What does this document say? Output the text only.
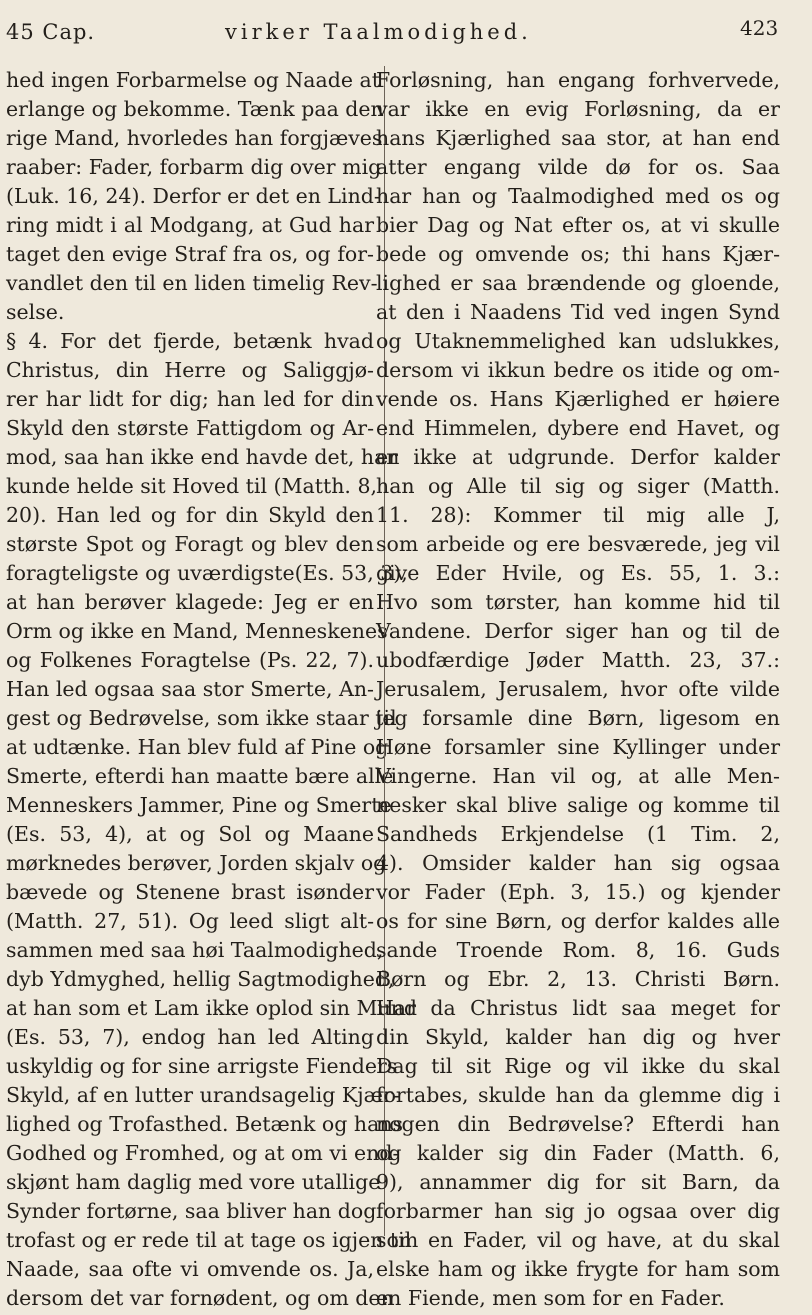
45 Cap.	virker Taalmodighed.	423
hed ingen Forbarmelse og Naade at
erlange og bekomme. Tænk paa den
rige Mand, hvorledes han forgjæves
raaber: Fader, forbarm dig over mig
(Luk. 16, 24). Derfor er det en Lind-
ring midt i al Modgang, at Gud har
taget den evige Straf fra os, og for-
vandlet den til en liden timelig Rev-
selse.
§ 4. For det fjerde, betænk hvad
Christus, din Herre og Saliggjø-
rer har lidt for dig; han led for din
Skyld den største Fattigdom og Ar-
mod, saa han ikke end havde det, han
kunde helde sit Hoved til (Matth. 8,
20). Han led og for din Skyld den
største Spot og Foragt og blev den
foragteligste og uværdigste(Es. 53, 3),
at han berøver klagede: Jeg er en
Orm og ikke en Mand, Menneskenes
og Folkenes Foragtelse (Ps. 22, 7).
Han led ogsaa saa stor Smerte, An-
gest og Bedrøvelse, som ikke staar til
at udtænke. Han blev fuld af Pine og
Smerte, efterdi han maatte bære alle
Menneskers Jammer, Pine og Smerte
(Es. 53, 4), at og Sol og Maane
mørknedes berøver, Jorden skjalv og
bævede og Stenene brast isønder
(Matth. 27, 51). Og leed sligt alt-
sammen med saa høi Taalmodighed,
dyb Ydmyghed, hellig Sagtmodighed,
at han som et Lam ikke oplod sin Mund
(Es. 53, 7), endog han led Alting
uskyldig og for sine arrigste Fienders
Skyld, af en lutter urandsagelig Kjær-
lighed og Trofasthed. Betænk og hans
Godhed og Fromhed, og at om vi end-
skjønt ham daglig med vore utallige
Synder fortørne, saa bliver han dog
trofast og er rede til at tage os igjen til
Naade, saa ofte vi omvende os. Ja,
dersom det var fornødent, og om den
Forløsning, han engang forhvervede,
var ikke en evig Forløsning, da er
hans Kjærlighed saa stor, at han end
atter engang vilde dø for os. Saa
har han og Taalmodighed med os og
bier Dag og Nat efter os, at vi skulle
bede og omvende os; thi hans Kjær-
lighed er saa brændende og gloende,
at den i Naadens Tid ved ingen Synd
og Utaknemmelighed kan udslukkes,
dersom vi ikkun bedre os itide og om-
vende os. Hans Kjærlighed er høiere
end Himmelen, dybere end Havet, og
er ikke at udgrunde. Derfor kalder
han og Alle til sig og siger (Matth.
11. 28): Kommer til mig alle J,
som arbeide og ere besværede, jeg vil
give Eder Hvile, og Es. 55, 1. 3.:
Hvo som tørster, han komme hid til
Vandene. Derfor siger han og til de
ubodfærdige Jøder Matth. 23, 37.:
Jerusalem, Jerusalem, hvor ofte vilde
jeg forsamle dine Børn, ligesom en
Høne forsamler sine Kyllinger under
Vingerne. Han vil og, at alle Men-
nesker skal blive salige og komme til
Sandheds Erkjendelse (1 Tim. 2,
4). Omsider kalder han sig ogsaa
vor Fader (Eph. 3, 15.) og kjender
os for sine Børn, og derfor kaldes alle
sande Troende Rom. 8, 16. Guds
Børn og Ebr. 2, 13. Christi Børn.
Har da Christus lidt saa meget for
din Skyld, kalder han dig og hver
Dag til sit Rige og vil ikke du skal
fortabes, skulde han da glemme dig i
nogen din Bedrøvelse? Efterdi han
og kalder sig din Fader (Matth. 6,
9), annammer dig for sit Barn, da
forbarmer han sig jo ogsaa over dig
som en Fader, vil og have, at du skal
elske ham og ikke frygte for ham som
en Fiende, men som for en Fader.
